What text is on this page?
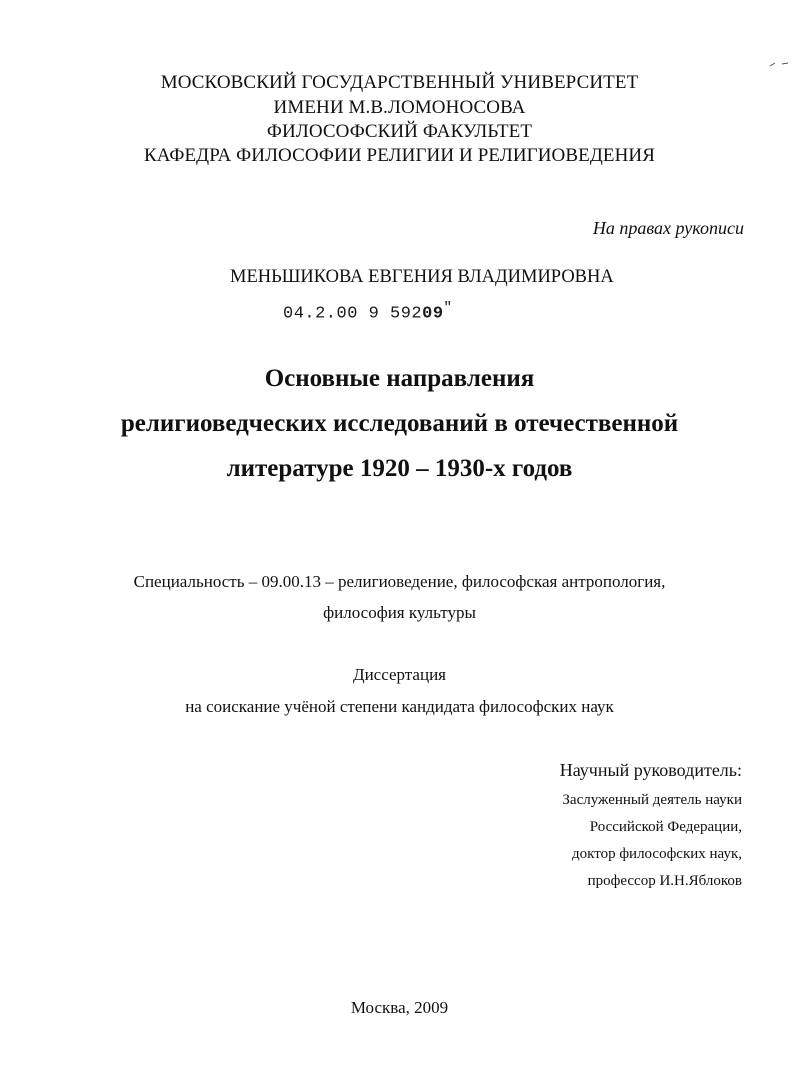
МОСКОВСКИЙ ГОСУДАРСТВЕННЫЙ УНИВЕРСИТЕТ
ИМЕНИ М.В.ЛОМОНОСОВА
ФИЛОСОФСКИЙ ФАКУЛЬТЕТ
КАФЕДРА ФИЛОСОФИИ РЕЛИГИИ И РЕЛИГИОВЕДЕНИЯ
На правах рукописи
МЕНЬШИКОВА ЕВГЕНИЯ ВЛАДИМИРОВНА
04.2.00 9 59209"
Основные направления
религиоведческих исследований в отечественной
литературе 1920 – 1930-х годов
Специальность – 09.00.13 – религиоведение, философская антропология,
философия культуры
Диссертация
на соискание учёной степени кандидата философских наук
Научный руководитель:
Заслуженный деятель науки
Российской Федерации,
доктор философских наук,
профессор И.Н.Яблоков
Москва, 2009
